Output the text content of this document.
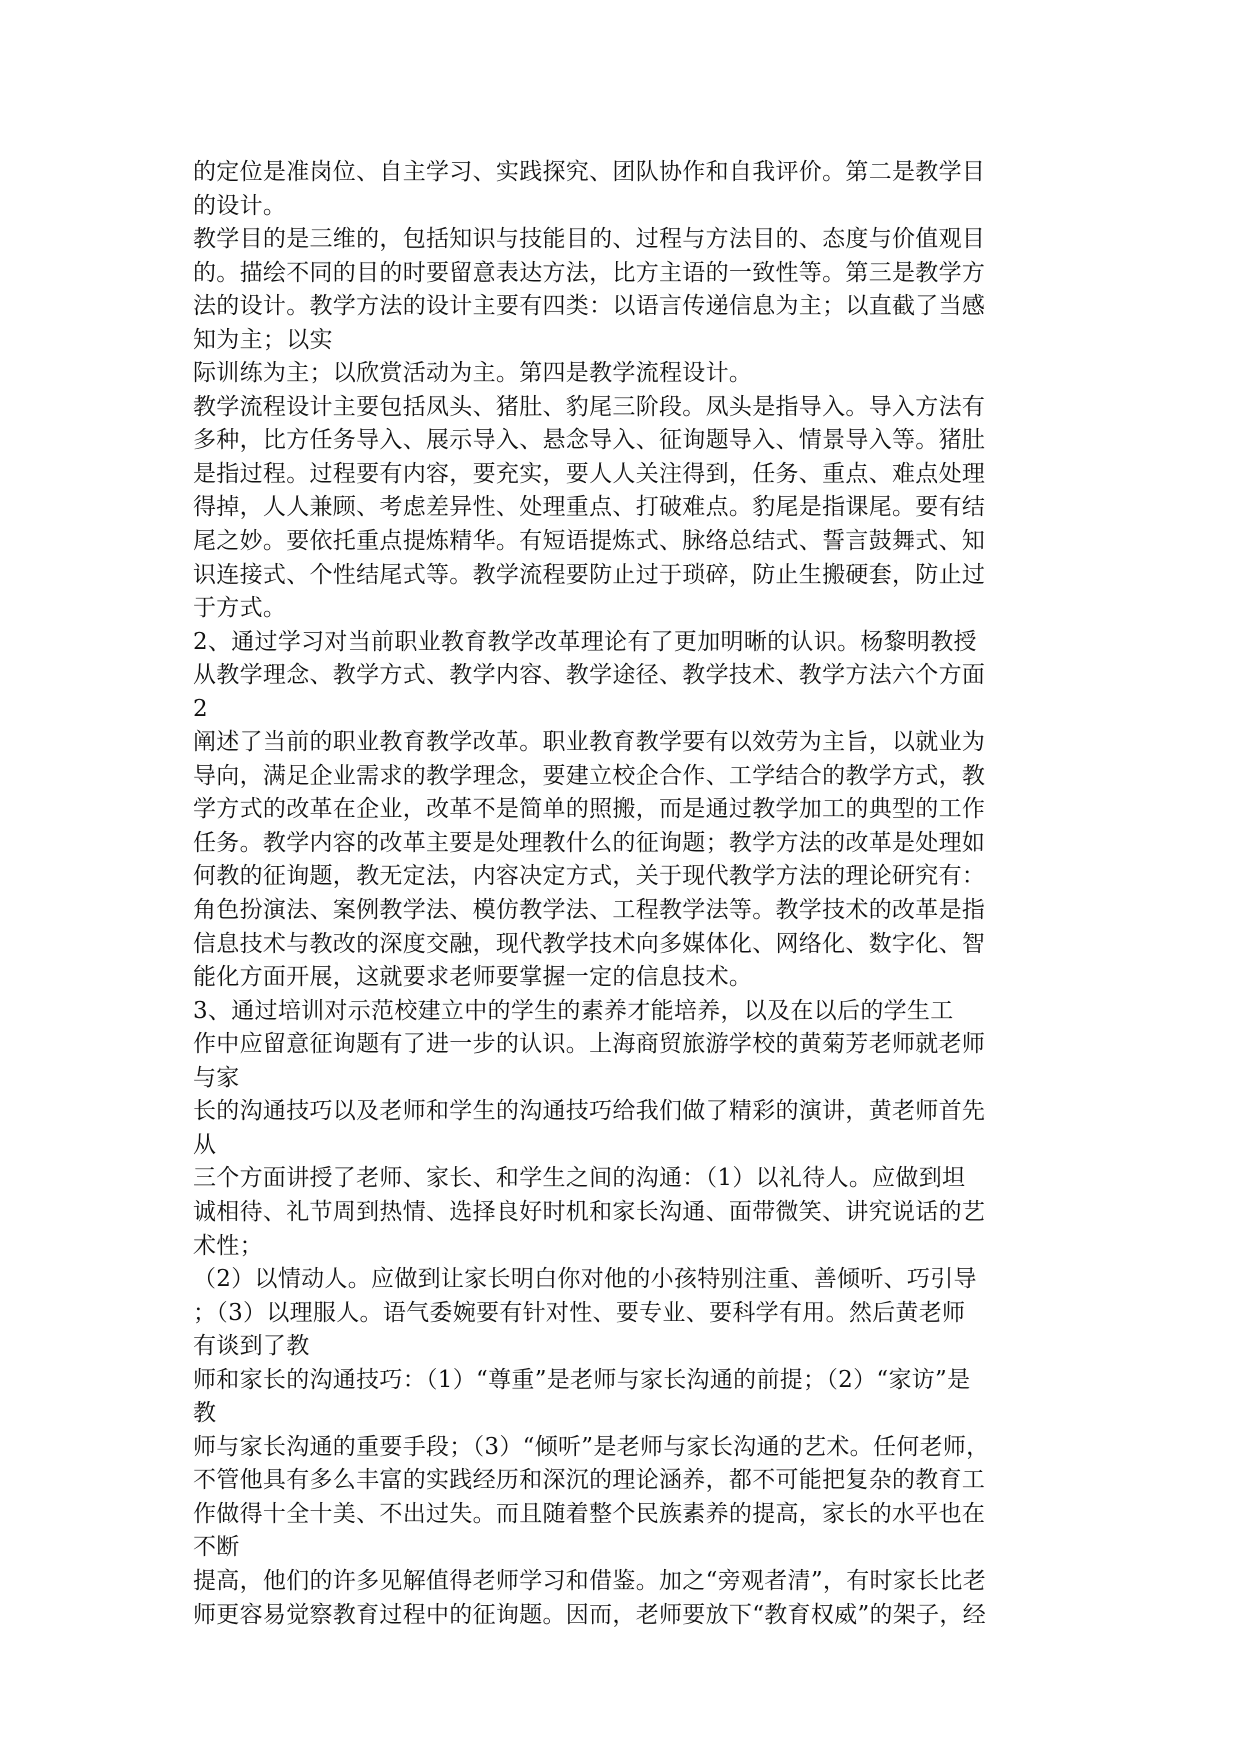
的定位是准岗位、自主学习、实践探究、团队协作和自我评价。第二是教学目
的设计。
教学目的是三维的，包括知识与技能目的、过程与方法目的、态度与价值观目
的。描绘不同的目的时要留意表达方法，比方主语的一致性等。第三是教学方
法的设计。教学方法的设计主要有四类：以语言传递信息为主；以直截了当感
知为主；以实
际训练为主；以欣赏活动为主。第四是教学流程设计。
教学流程设计主要包括凤头、猪肚、豹尾三阶段。凤头是指导入。导入方法有
多种，比方任务导入、展示导入、悬念导入、征询题导入、情景导入等。猪肚
是指过程。过程要有内容，要充实，要人人关注得到，任务、重点、难点处理
得掉，人人兼顾、考虑差异性、处理重点、打破难点。豹尾是指课尾。要有结
尾之妙。要依托重点提炼精华。有短语提炼式、脉络总结式、誓言鼓舞式、知
识连接式、个性结尾式等。教学流程要防止过于琐碎，防止生搬硬套，防止过
于方式。
2、通过学习对当前职业教育教学改革理论有了更加明晰的认识。杨黎明教授
从教学理念、教学方式、教学内容、教学途径、教学技术、教学方法六个方面
2
阐述了当前的职业教育教学改革。职业教育教学要有以效劳为主旨，以就业为
导向，满足企业需求的教学理念，要建立校企合作、工学结合的教学方式，教
学方式的改革在企业，改革不是简单的照搬，而是通过教学加工的典型的工作
任务。教学内容的改革主要是处理教什么的征询题；教学方法的改革是处理如
何教的征询题，教无定法，内容决定方式，关于现代教学方法的理论研究有：
角色扮演法、案例教学法、模仿教学法、工程教学法等。教学技术的改革是指
信息技术与教改的深度交融，现代教学技术向多媒体化、网络化、数字化、智
能化方面开展，这就要求老师要掌握一定的信息技术。
3、通过培训对示范校建立中的学生的素养才能培养，以及在以后的学生工
作中应留意征询题有了进一步的认识。上海商贸旅游学校的黄菊芳老师就老师
与家
长的沟通技巧以及老师和学生的沟通技巧给我们做了精彩的演讲，黄老师首先
从
三个方面讲授了老师、家长、和学生之间的沟通：（1）以礼待人。应做到坦
诚相待、礼节周到热情、选择良好时机和家长沟通、面带微笑、讲究说话的艺
术性；
（2）以情动人。应做到让家长明白你对他的小孩特别注重、善倾听、巧引导
；（3）以理服人。语气委婉要有针对性、要专业、要科学有用。然后黄老师
有谈到了教
师和家长的沟通技巧：（1）“尊重”是老师与家长沟通的前提；（2）“家访”是
教
师与家长沟通的重要手段；（3）“倾听”是老师与家长沟通的艺术。任何老师，
不管他具有多么丰富的实践经历和深沉的理论涵养，都不可能把复杂的教育工
作做得十全十美、不出过失。而且随着整个民族素养的提高，家长的水平也在
不断
提高，他们的许多见解值得老师学习和借鉴。加之“旁观者清”，有时家长比老
师更容易觉察教育过程中的征询题。因而，老师要放下“教育权威”的架子，经
